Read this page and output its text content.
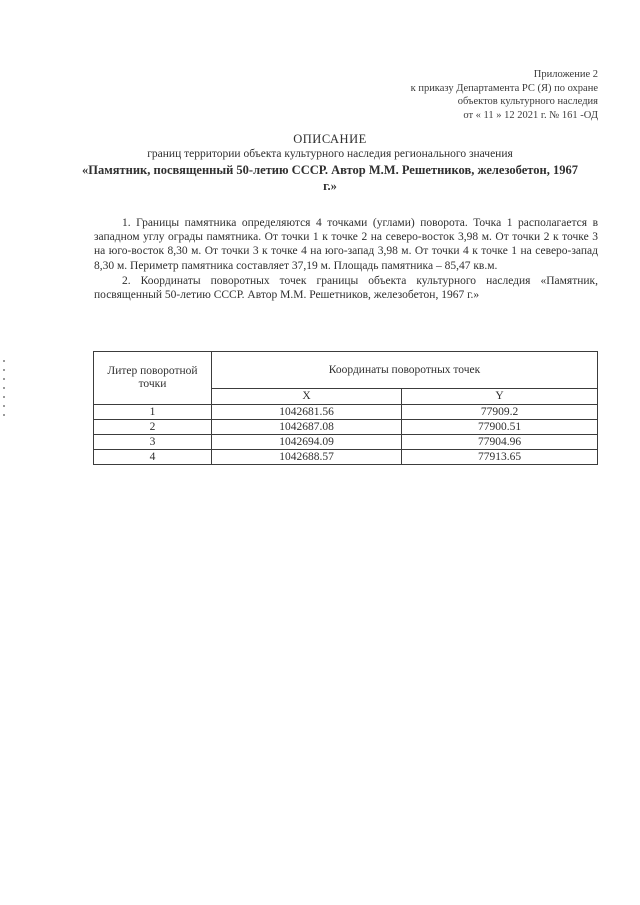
Приложение 2
к приказу Департамента РС (Я) по охране
объектов культурного наследия
от « 11 » 12 2021 г. № 161 -ОД
ОПИСАНИЕ
границ территории объекта культурного наследия регионального значения
«Памятник, посвященный 50-летию СССР. Автор М.М. Решетников, железобетон, 1967 г.»

1. Границы памятника определяются 4 точками (углами) поворота. Точка 1 располагается в западном углу ограды памятника. От точки 1 к точке 2 на северо-восток 3,98 м. От точки 2 к точке 3 на юго-восток 8,30 м. От точки 3 к точке 4 на юго-запад 3,98 м. От точки 4 к точке 1 на северо-запад 8,30 м. Периметр памятника составляет 37,19 м. Площадь памятника – 85,47 кв.м.

2. Координаты поворотных точек границы объекта культурного наследия «Памятник, посвященный 50-летию СССР. Автор М.М. Решетников, железобетон, 1967 г.»

Литер поворотной точки	Координаты поворотных точек	
	X	Y
1	1042681.56	77909.2
2	1042687.08	77900.51
3	1042694.09	77904.96
4	1042688.57	77913.65
